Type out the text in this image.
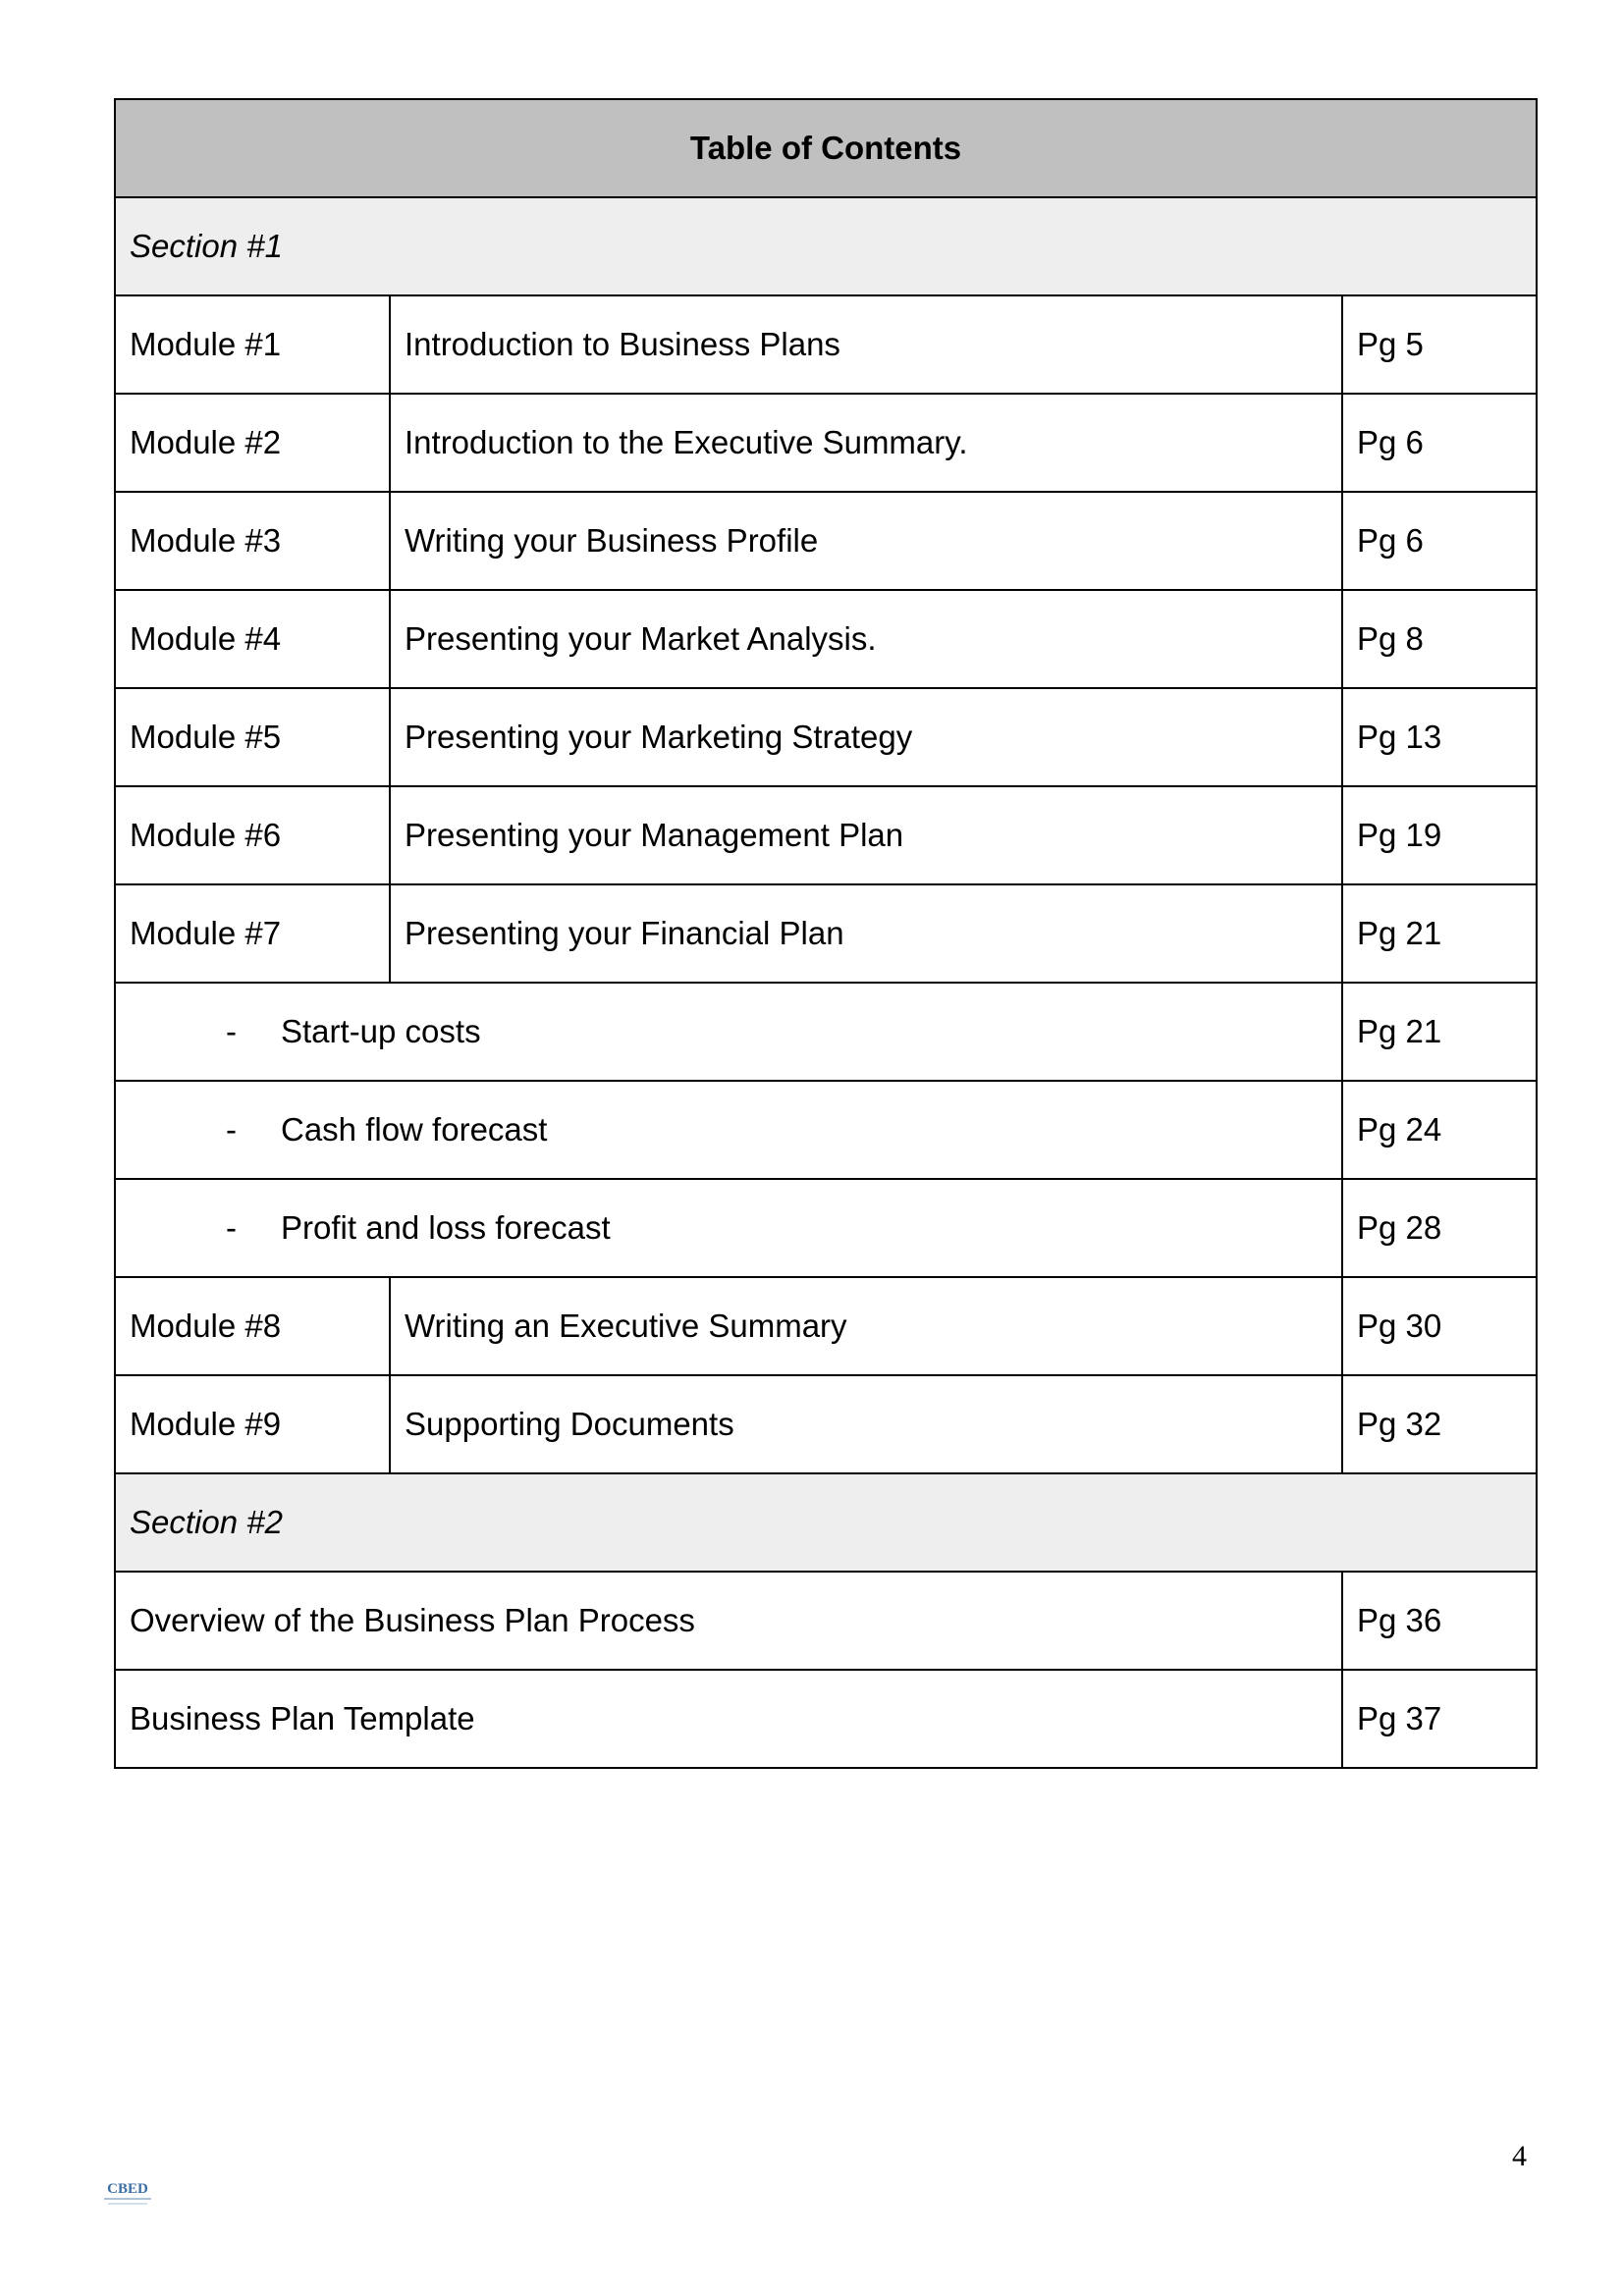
Table of Contents		
Section #1		
Module #1	Introduction to Business Plans	Pg 5
Module #2	Introduction to the Executive Summary.	Pg 6
Module #3	Writing your Business Profile	Pg 6
Module #4	Presenting your Market Analysis.	Pg 8
Module #5	Presenting your Marketing Strategy	Pg 13
Module #6	Presenting your Management Plan	Pg 19
Module #7	Presenting your Financial Plan	Pg 21
- Start-up costs		Pg 21
- Cash flow forecast		Pg 24
- Profit and loss forecast		Pg 28
Module #8	Writing an Executive Summary	Pg 30
Module #9	Supporting Documents	Pg 32
Section #2		
Overview of the Business Plan Process		Pg 36
Business Plan Template		Pg 37
4
CBED
